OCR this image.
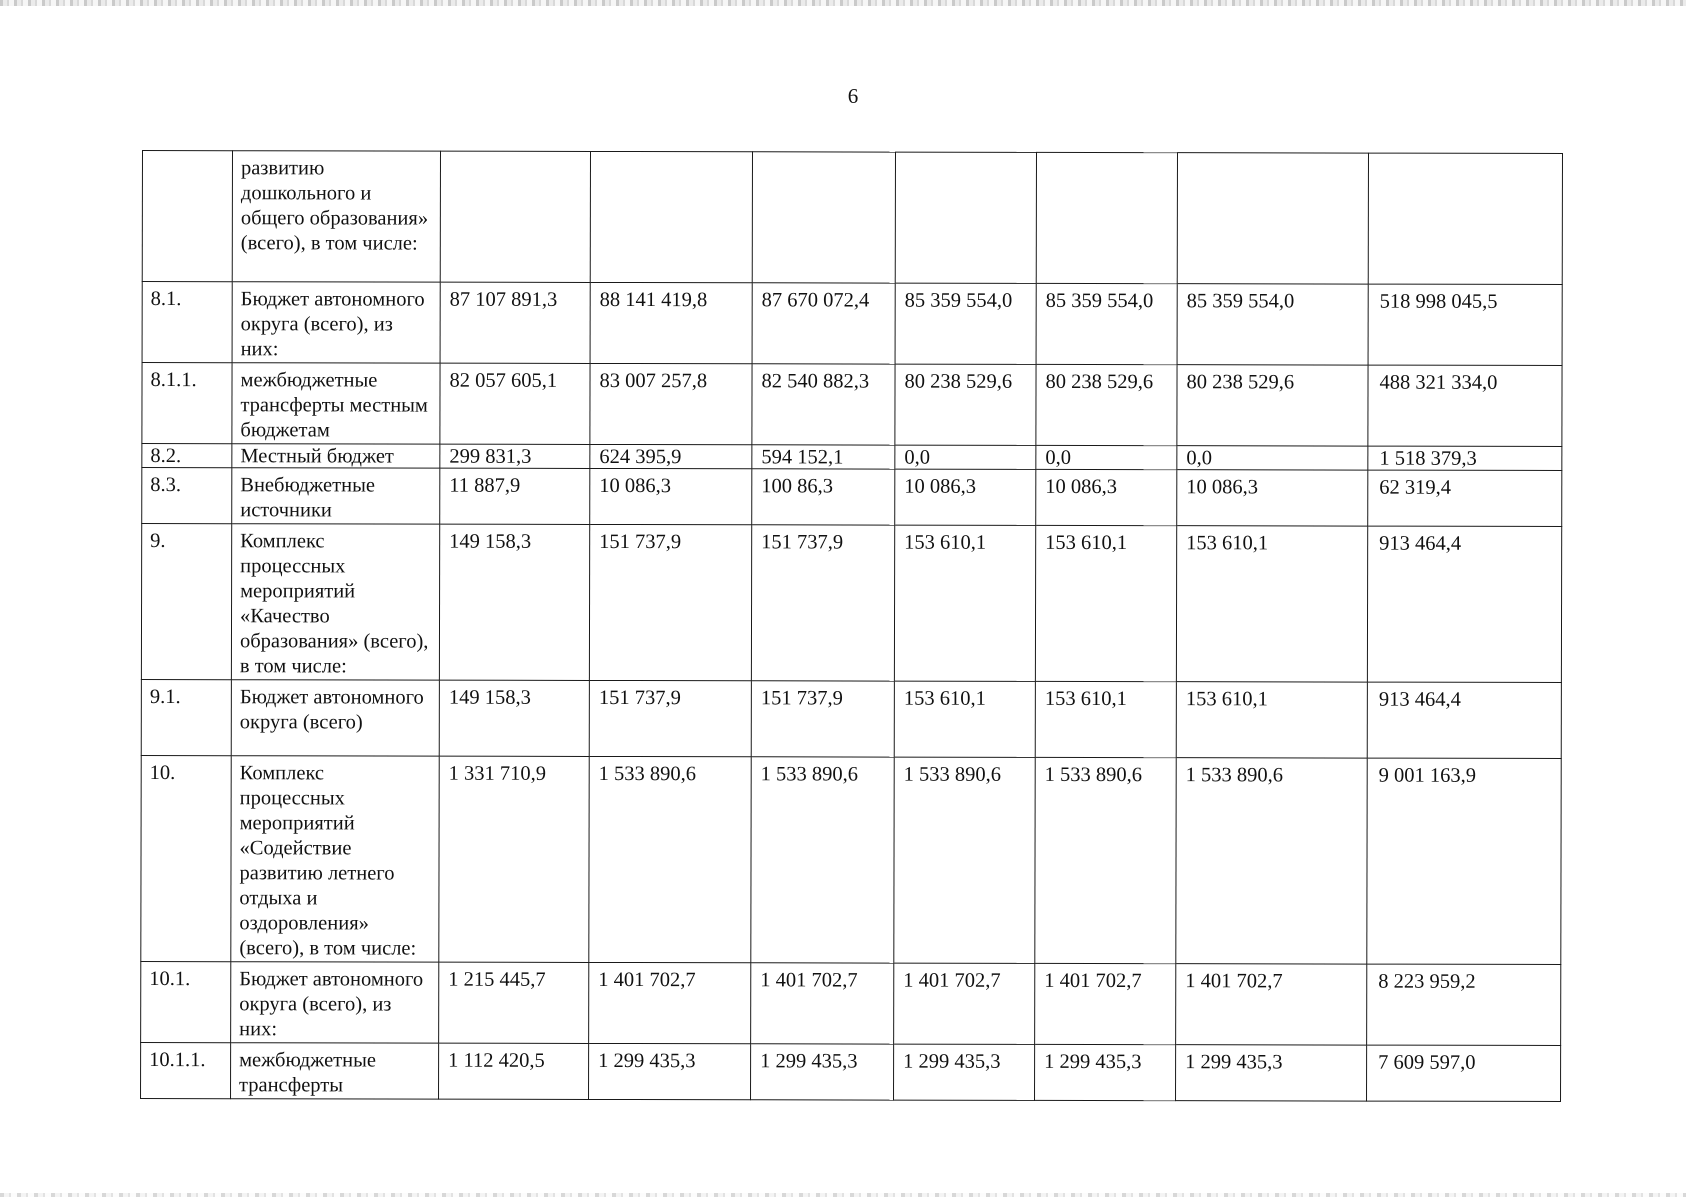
6
	развитию дошкольного и общего образования» (всего), в том числе:							
8.1.	Бюджет автономного округа (всего), из них:	87 107 891,3	88 141 419,8	87 670 072,4	85 359 554,0	85 359 554,0	85 359 554,0	518 998 045,5
8.1.1.	межбюджетные трансферты местным бюджетам	82 057 605,1	83 007 257,8	82 540 882,3	80 238 529,6	80 238 529,6	80 238 529,6	488 321 334,0
8.2.	Местный бюджет	299 831,3	624 395,9	594 152,1	0,0	0,0	0,0	1 518 379,3
8.3.	Внебюджетные источники	11 887,9	10 086,3	100 86,3	10 086,3	10 086,3	10 086,3	62 319,4
9.	Комплекс процессных мероприятий «Качество образования» (всего), в том числе:	149 158,3	151 737,9	151 737,9	153 610,1	153 610,1	153 610,1	913 464,4
9.1.	Бюджет автономного округа (всего)	149 158,3	151 737,9	151 737,9	153 610,1	153 610,1	153 610,1	913 464,4
10.	Комплекс процессных мероприятий «Содействие развитию летнего отдыха и оздоровления» (всего), в том числе:	1 331 710,9	1 533 890,6	1 533 890,6	1 533 890,6	1 533 890,6	1 533 890,6	9 001 163,9
10.1.	Бюджет автономного округа (всего), из них:	1 215 445,7	1 401 702,7	1 401 702,7	1 401 702,7	1 401 702,7	1 401 702,7	8 223 959,2
10.1.1.	межбюджетные трансферты	1 112 420,5	1 299 435,3	1 299 435,3	1 299 435,3	1 299 435,3	1 299 435,3	7 609 597,0
